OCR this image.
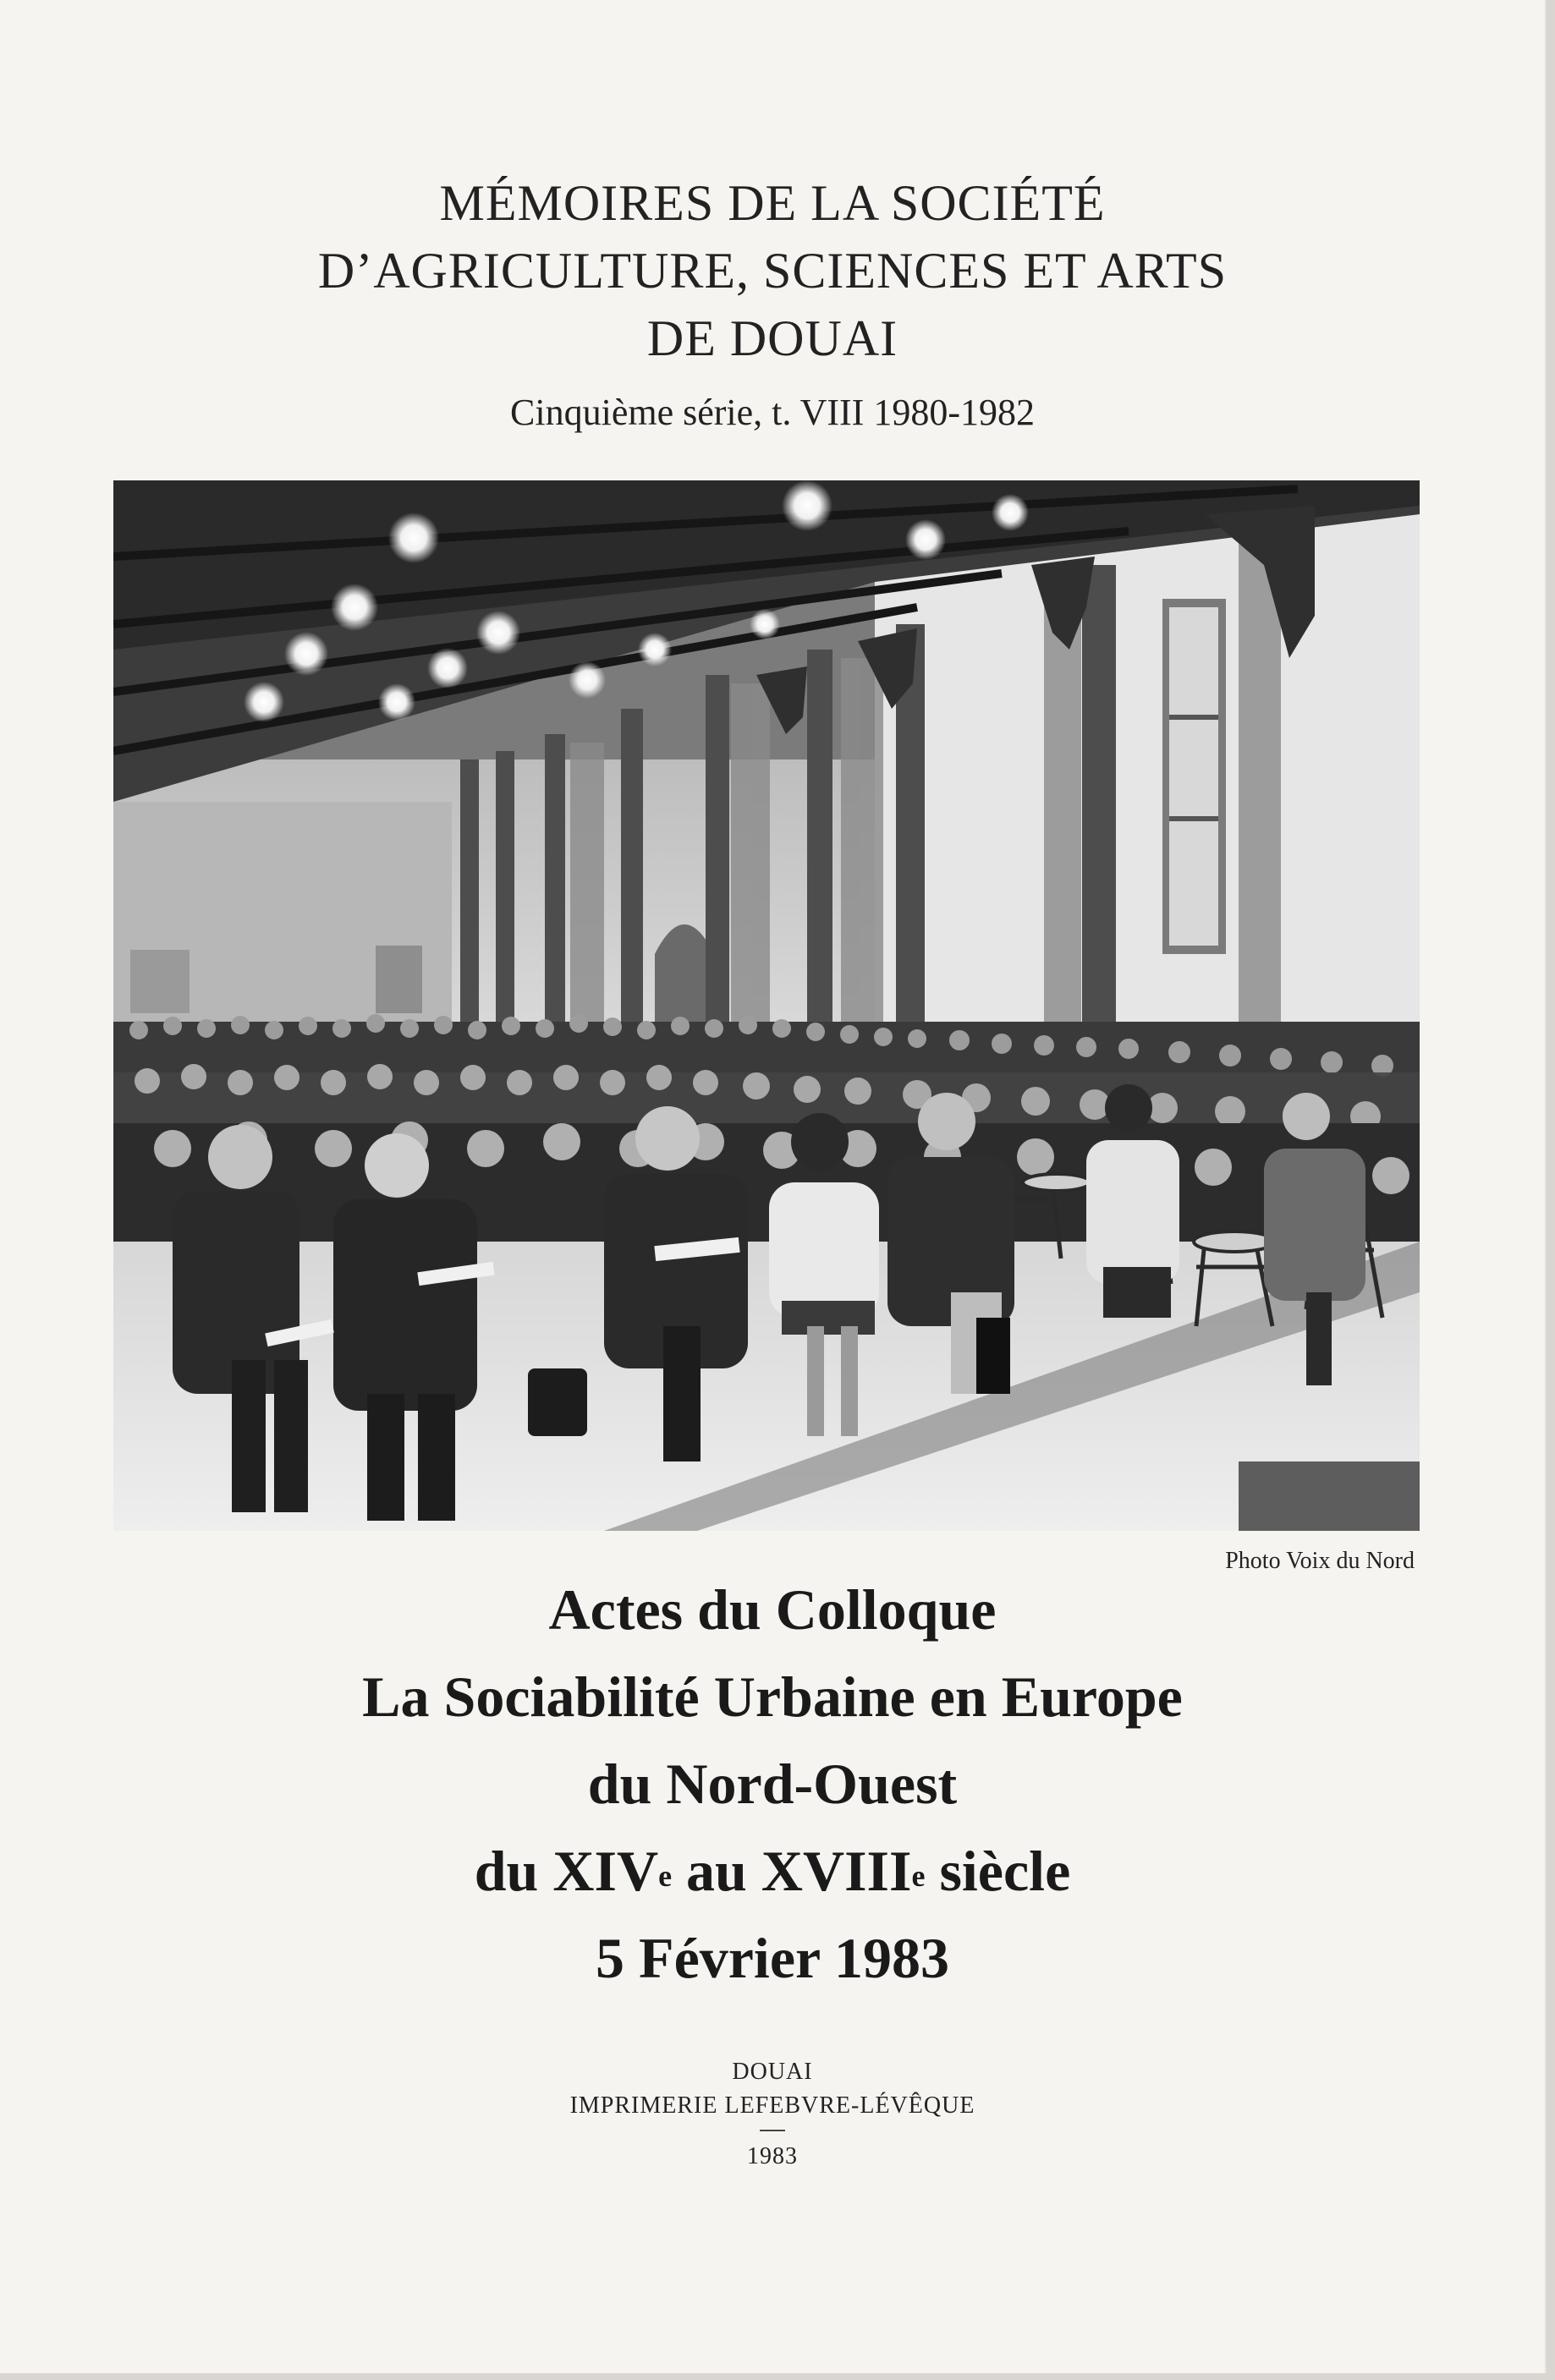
MÉMOIRES DE LA SOCIÉTÉ
D’AGRICULTURE, SCIENCES ET ARTS
DE DOUAI
Cinquième série, t. VIII 1980-1982
Photo Voix du Nord
Actes du Colloque
La Sociabilité Urbaine en Europe
du Nord-Ouest
du XIVe au XVIIIe siècle
5 Février 1983
DOUAI
IMPRIMERIE LEFEBVRE-LÉVÊQUE
1983
